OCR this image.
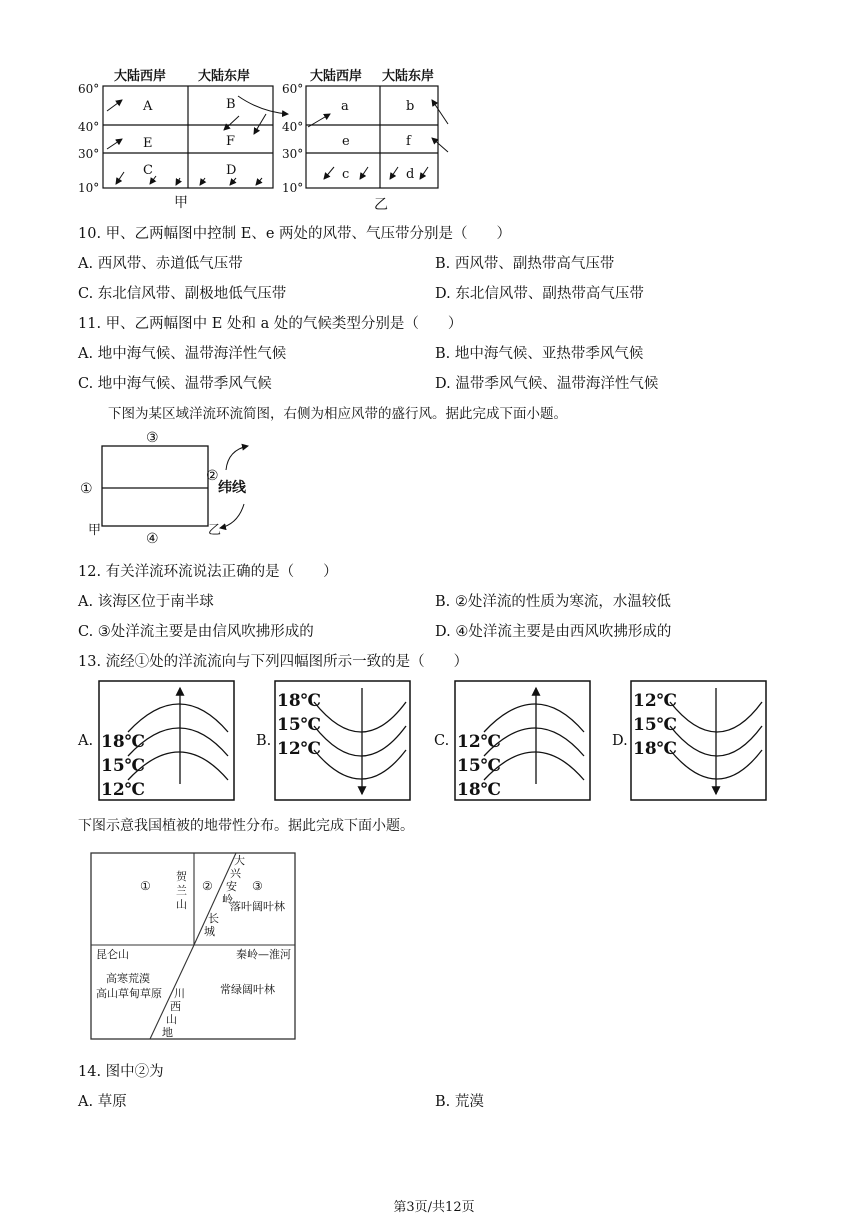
大陆西岸 大陆东岸
60°
40°
30°
10°
A	B
E	F
C	D
甲
大陆西岸 大陆东岸
60°
40°
30°
10°
a	b
e	f
c	d
乙
10. 甲、乙两幅图中控制 E、e 两处的风带、气压带分别是（　　）
A. 西风带、赤道低气压带	B. 西风带、副热带高气压带
C. 东北信风带、副极地低气压带	D. 东北信风带、副热带高气压带
11. 甲、乙两幅图中 E 处和 a 处的气候类型分别是（　　）
A. 地中海气候、温带海洋性气候	B. 地中海气候、亚热带季风气候
C. 地中海气候、温带季风气候	D. 温带季风气候、温带海洋性气候
下图为某区域洋流环流简图，右侧为相应风带的盛行风。据此完成下面小题。
③
①
②
纬线
甲
④
乙
12. 有关洋流环流说法正确的是（　　）
A. 该海区位于南半球	B. ②处洋流的性质为寒流，水温较低
C. ③处洋流主要是由信风吹拂形成的	D. ④处洋流主要是由西风吹拂形成的
13. 流经①处的洋流流向与下列四幅图所示一致的是（　　）
A. 18℃
15℃
12℃
B.
18℃
15℃
12℃	C. 12℃
15℃
18℃
D.
12℃
15℃
18℃
下图示意我国植被的地带性分布。据此完成下面小题。
①
贺
兰
山
②
大
兴
安
岭
③
长
城
落叶阔叶林
昆仑山	秦岭—淮河
高寒荒漠
高山草甸草原 川
西
山
地
常绿阔叶林
14. 图中②为
A. 草原	B. 荒漠
第3页/共12页
